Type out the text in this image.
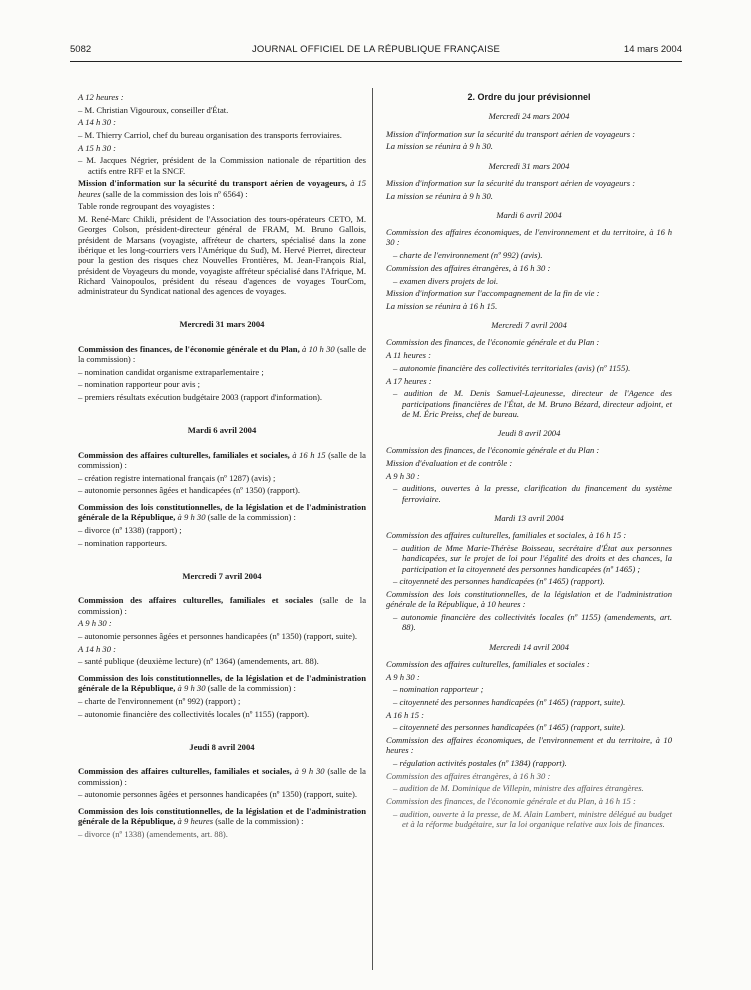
5082	JOURNAL OFFICIEL DE LA RÉPUBLIQUE FRANÇAISE	14 mars 2004

A 12 heures :

– M. Christian Vigouroux, conseiller d'État.

A 14 h 30 :

– M. Thierry Carriol, chef du bureau organisation des transports ferroviaires.

A 15 h 30 :

– M. Jacques Négrier, président de la Commission nationale de répartition des actifs entre RFF et la SNCF.

Mission d'information sur la sécurité du transport aérien de voyageurs, à 15 heures (salle de la commission des lois nº 6564) :

Table ronde regroupant des voyagistes :

M. René-Marc Chikli, président de l'Association des tours-opérateurs CETO, M. Georges Colson, président-directeur général de FRAM, M. Bruno Gallois, président de Marsans (voyagiste, affréteur de charters, spécialisé dans la zone ibérique et les long-courriers vers l'Amérique du Sud), M. Hervé Pierret, directeur pour la gestion des risques chez Nouvelles Frontières, M. Jean-François Rial, président de Voyageurs du monde, voyagiste affréteur spécialisé dans l'Afrique, M. Richard Vainopoulos, président du réseau d'agences de voyages TourCom, administrateur du Syndicat national des agences de voyages.

Mercredi 31 mars 2004

Commission des finances, de l'économie générale et du Plan, à 10 h 30 (salle de la commission) :

– nomination candidat organisme extraparlementaire ;

– nomination rapporteur pour avis ;

– premiers résultats exécution budgétaire 2003 (rapport d'information).

Mardi 6 avril 2004

Commission des affaires culturelles, familiales et sociales, à 16 h 15 (salle de la commission) :

– création registre international français (nº 1287) (avis) ;

– autonomie personnes âgées et handicapées (nº 1350) (rapport).

Commission des lois constitutionnelles, de la législation et de l'administration générale de la République, à 9 h 30 (salle de la commission) :

– divorce (nº 1338) (rapport) ;

– nomination rapporteurs.

Mercredi 7 avril 2004

Commission des affaires culturelles, familiales et sociales (salle de la commission) :

A 9 h 30 :

– autonomie personnes âgées et personnes handicapées (nº 1350) (rapport, suite).

A 14 h 30 :

– santé publique (deuxième lecture) (nº 1364) (amendements, art. 88).

Commission des lois constitutionnelles, de la législation et de l'administration générale de la République, à 9 h 30 (salle de la commission) :

– charte de l'environnement (nº 992) (rapport) ;

– autonomie financière des collectivités locales (nº 1155) (rapport).

Jeudi 8 avril 2004

Commission des affaires culturelles, familiales et sociales, à 9 h 30 (salle de la commission) :

– autonomie personnes âgées et personnes handicapées (nº 1350) (rapport, suite).

Commission des lois constitutionnelles, de la législation et de l'administration générale de la République, à 9 heures (salle de la commission) :

– divorce (nº 1338) (amendements, art. 88).

2. Ordre du jour prévisionnel
Mercredi 24 mars 2004

Mission d'information sur la sécurité du transport aérien de voyageurs :

La mission se réunira à 9 h 30.

Mercredi 31 mars 2004

Mission d'information sur la sécurité du transport aérien de voyageurs :

La mission se réunira à 9 h 30.

Mardi 6 avril 2004

Commission des affaires économiques, de l'environnement et du territoire, à 16 h 30 :

– charte de l'environnement (nº 992) (avis).

Commission des affaires étrangères, à 16 h 30 :

– examen divers projets de loi.

Mission d'information sur l'accompagnement de la fin de vie :

La mission se réunira à 16 h 15.

Mercredi 7 avril 2004

Commission des finances, de l'économie générale et du Plan :

A 11 heures :

– autonomie financière des collectivités territoriales (avis) (nº 1155).

A 17 heures :

– audition de M. Denis Samuel-Lajeunesse, directeur de l'Agence des participations financières de l'État, de M. Bruno Bézard, directeur adjoint, et de M. Éric Preiss, chef de bureau.

Jeudi 8 avril 2004

Commission des finances, de l'économie générale et du Plan :

Mission d'évaluation et de contrôle :

A 9 h 30 :

– auditions, ouvertes à la presse, clarification du financement du système ferroviaire.

Mardi 13 avril 2004

Commission des affaires culturelles, familiales et sociales, à 16 h 15 :

– audition de Mme Marie-Thérèse Boisseau, secrétaire d'État aux personnes handicapées, sur le projet de loi pour l'égalité des droits et des chances, la participation et la citoyenneté des personnes handicapées (nº 1465) ;

– citoyenneté des personnes handicapées (nº 1465) (rapport).

Commission des lois constitutionnelles, de la législation et de l'administration générale de la République, à 10 heures :

– autonomie financière des collectivités locales (nº 1155) (amendements, art. 88).

Mercredi 14 avril 2004

Commission des affaires culturelles, familiales et sociales :

A 9 h 30 :

– nomination rapporteur ;

– citoyenneté des personnes handicapées (nº 1465) (rapport, suite).

A 16 h 15 :

– citoyenneté des personnes handicapées (nº 1465) (rapport, suite).

Commission des affaires économiques, de l'environnement et du territoire, à 10 heures :

– régulation activités postales (nº 1384) (rapport).

Commission des affaires étrangères, à 16 h 30 :

– audition de M. Dominique de Villepin, ministre des affaires étrangères.

Commission des finances, de l'économie générale et du Plan, à 16 h 15 :

– audition, ouverte à la presse, de M. Alain Lambert, ministre délégué au budget et à la réforme budgétaire, sur la loi organique relative aux lois de finances.
